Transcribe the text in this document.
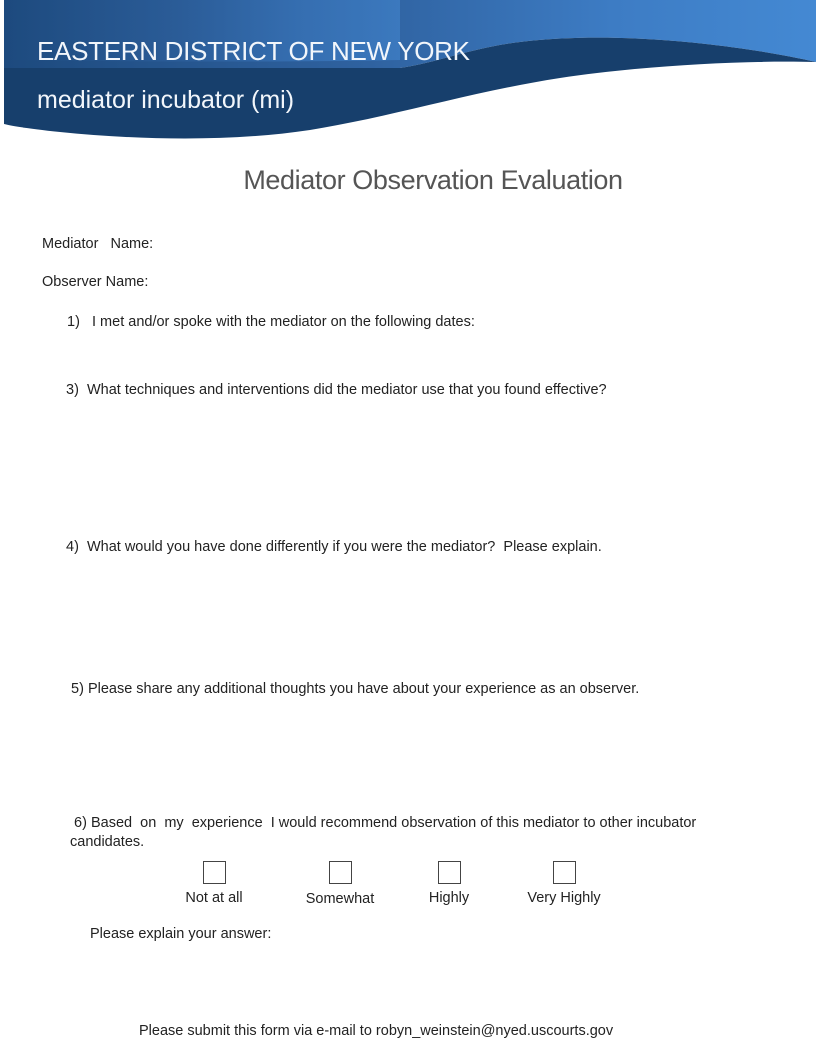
EASTERN DISTRICT OF NEW YORK
mediator incubator (mi)
Mediator Observation Evaluation
Mediator   Name:
Observer Name:
1) I met and/or spoke with the mediator on the following dates:
3) What techniques and interventions did the mediator use that you found effective?
4) What would you have done differently if you were the mediator?  Please explain.
5) Please share any additional thoughts you have about your experience as an observer.
6) Based  on  my  experience  I would recommend observation of this mediator to other incubator candidates.
Not at all	Somewhat	Highly	Very Highly
Please explain your answer:
Please submit this form via e-mail to robyn_weinstein@nyed.uscourts.gov
